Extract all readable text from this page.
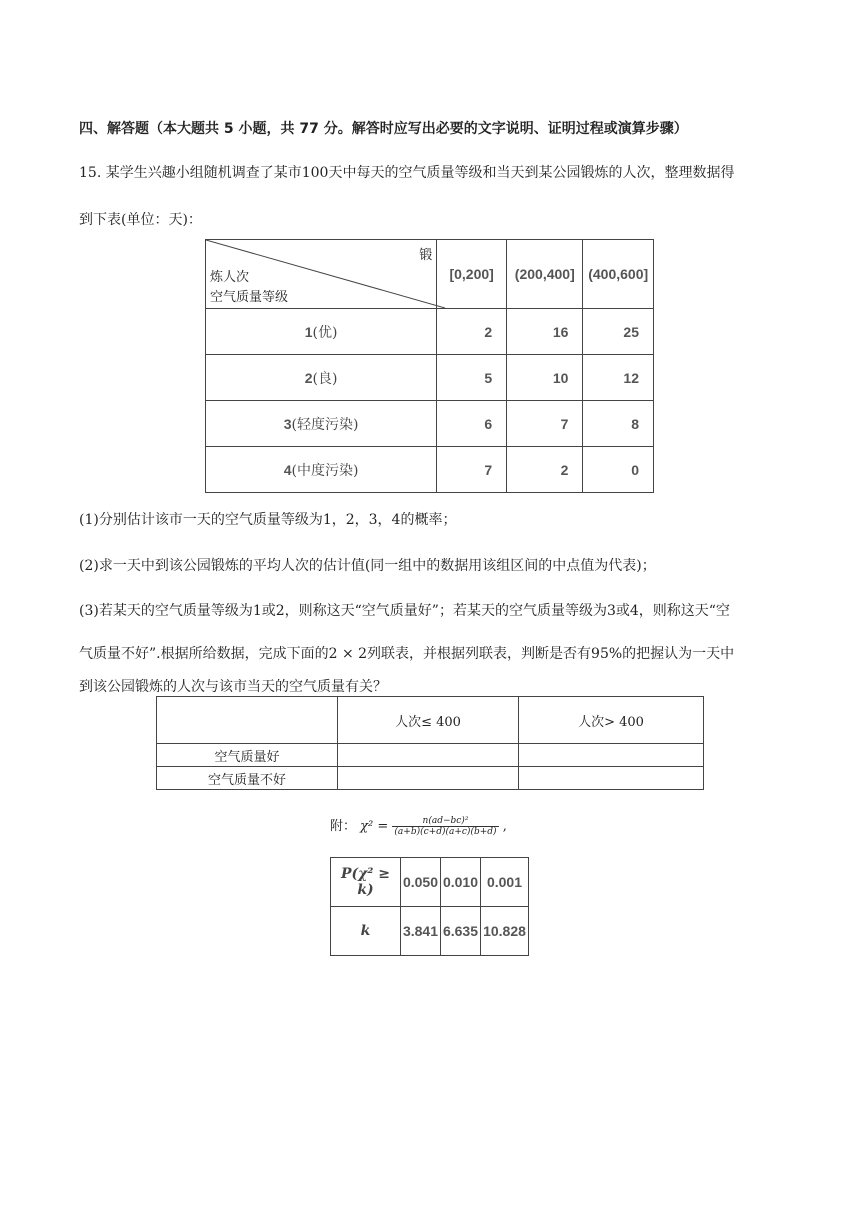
四、解答题（本大题共 5 小题，共 77 分。解答时应写出必要的文字说明、证明过程或演算步骤）
15. 某学生兴趣小组随机调查了某市100天中每天的空气质量等级和当天到某公园锻炼的人次，整理数据得
到下表(单位：天)：
锻
炼人次
空气质量等级	[0,200]	(200,400]	(400,600]
1(优)	2	16	25
2(良)	5	10	12
3(轻度污染)	6	7	8
4(中度污染)	7	2	0
(1)分别估计该市一天的空气质量等级为1，2，3，4的概率；
(2)求一天中到该公园锻炼的平均人次的估计值(同一组中的数据用该组区间的中点值为代表)；
(3)若某天的空气质量等级为1或2，则称这天“空气质量好”；若某天的空气质量等级为3或4，则称这天“空
气质量不好”.根据所给数据，完成下面的2 × 2列联表，并根据列联表，判断是否有95%的把握认为一天中
到该公园锻炼的人次与该市当天的空气质量有关？
	人次≤ 400	人次> 400
空气质量好		
空气质量不好		
附： $\chi^2 = \frac{\text{n(ad−bc)²}}{(a+b)(c+d)(a+c)(b+d)}$ ,
P(χ² ≥ k)	0.050	0.010	0.001
k	3.841	6.635	10.828
